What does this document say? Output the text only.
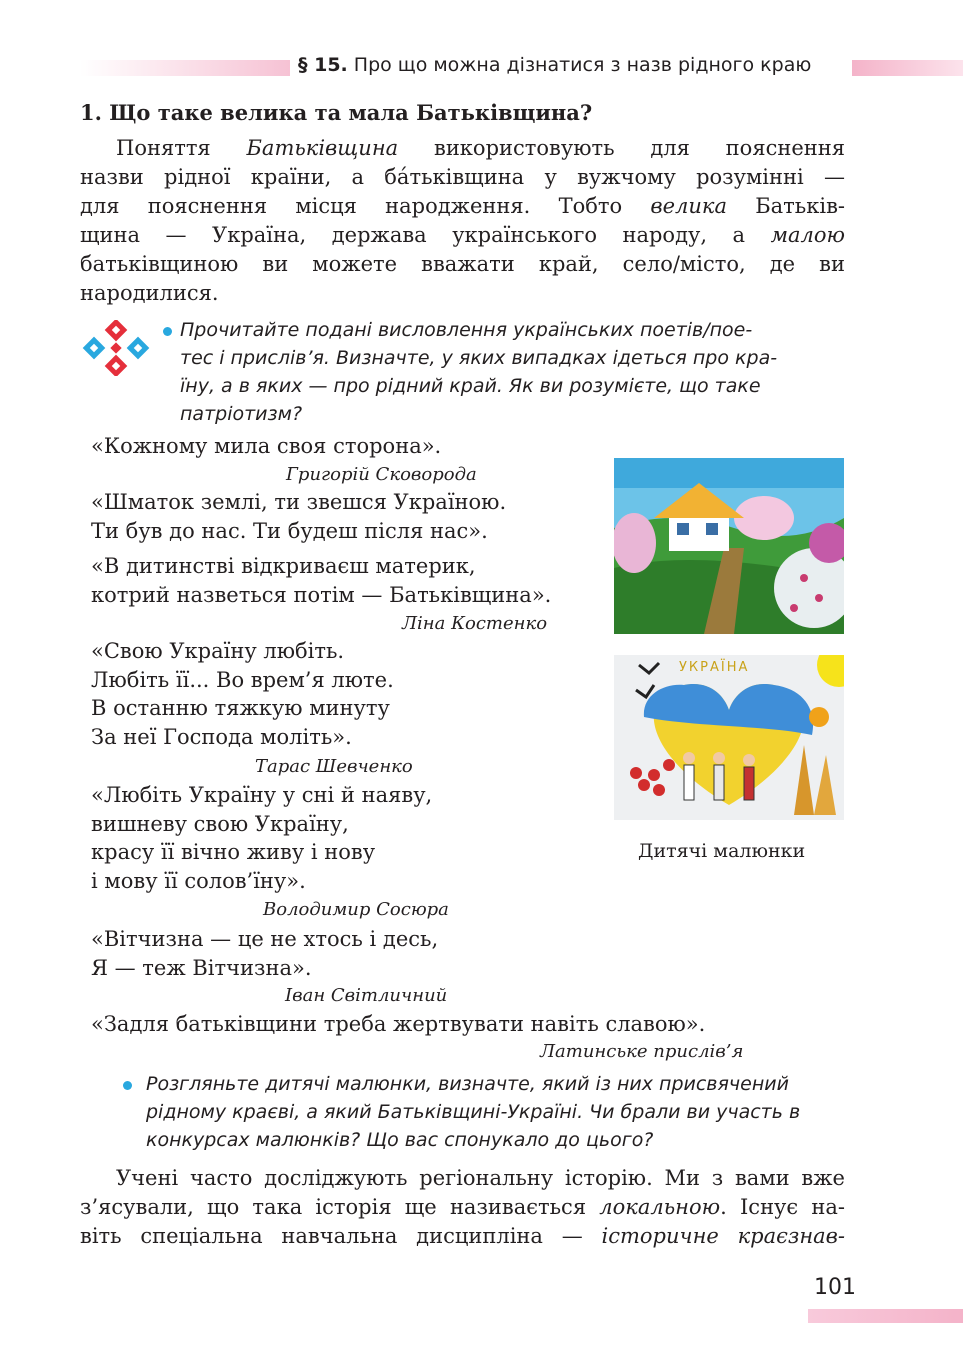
§ 15. Про що можна дізнатися з назв рідного краю
1. Що таке велика та мала Батьківщина?
Поняття Батьківщина використовують для пояснення
назви рідної країни, а ба́тьківщина у вужчому розумінні —
для пояснення місця народження. Тобто велика Батьків-
щина — Україна, держава українського народу, а малою
батьківщиною ви можете вважати край, село/місто, де ви
народилися.
Прочитайте подані висловлення українських поетів/пое-
тес і прислів’я. Визначте, у яких випадках ідеться про кра-
їну, а в яких — про рідний край. Як ви розумієте, що таке
патріотизм?
«Кожному мила своя сторона».
Григорій Сковорода
«Шматок землі, ти звешся Україною.
Ти був до нас. Ти будеш після нас».
«В дитинстві відкриваєш материк,
котрий назветься потім — Батьківщина».
Ліна Костенко
«Свою Україну любіть.
Любіть її... Во врем’я люте.
В останню тяжкую минуту
За неї Господа моліть».
Тарас Шевченко
«Любіть Україну у сні й наяву,
вишневу свою Україну,
красу її вічно живу і нову
і мову її солов’їну».
Володимир Сосюра
«Вітчизна — це не хтось і десь,
Я — теж Вітчизна».
Іван Світличний
«Задля батьківщини треба жертвувати навіть славою».
Латинське прислів’я
УКРАЇНА
Дитячі малюнки
Розгляньте дитячі малюнки, визначте, який із них присвячений
рідному краєві, а який Батьківщині-Україні. Чи брали ви участь в
конкурсах малюнків? Що вас спонукало до цього?
Учені часто досліджують регіональну історію. Ми з вами вже
з’ясували, що така історія ще називається локальною. Існує на-
віть спеціальна навчальна дисципліна — історичне краєзнав-
101
